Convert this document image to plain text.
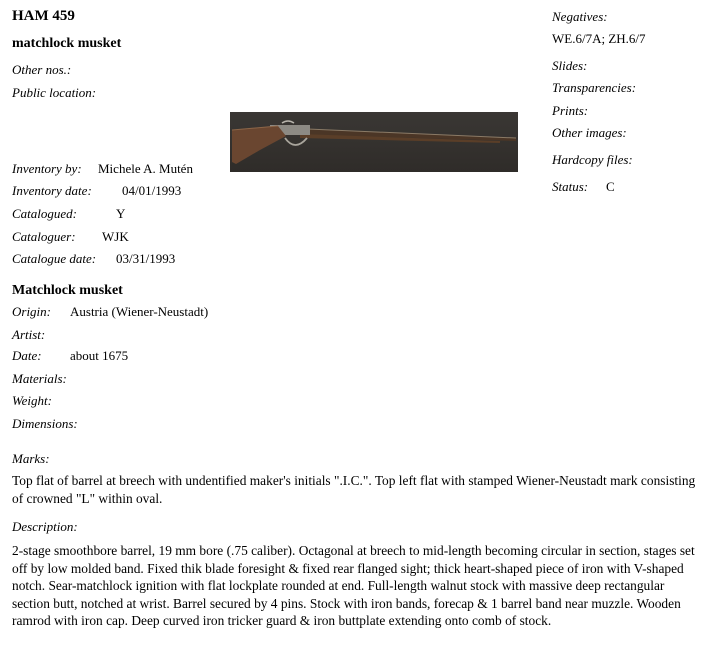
HAM 459
matchlock musket
Other nos.:
Public location:
Inventory by: Michele A. Mutén
Inventory date: 04/01/1993
Catalogued:	Y
Cataloguer: WJK
Catalogue date: 03/31/1993
Negatives:
WE.6/7A; ZH.6/7
Slides:
Transparencies:
Prints:
Other images:
Hardcopy files:
Status: C
Matchlock musket
Origin: Austria (Wiener-Neustadt)
Artist:
Date: about 1675
Materials:
Weight:
Dimensions:
Marks:
Top flat of barrel at breech with undentified maker's initials ".I.C.". Top left flat with stamped Wiener-Neustadt mark consisting of crowned "L" within oval.
Description:
2-stage smoothbore barrel, 19 mm bore (.75 caliber). Octagonal at breech to mid-length becoming circular in section, stages set off by low molded band. Fixed thik blade foresight & fixed rear flanged sight; thick heart-shaped piece of iron with V-shaped notch. Sear-matchlock ignition with flat lockplate rounded at end. Full-length walnut stock with massive deep rectangular section butt, notched at wrist. Barrel secured by 4 pins. Stock with iron bands, forecap & 1 barrel band near muzzle. Wooden ramrod with iron cap. Deep curved iron tricker guard & iron buttplate extending onto comb of stock.
